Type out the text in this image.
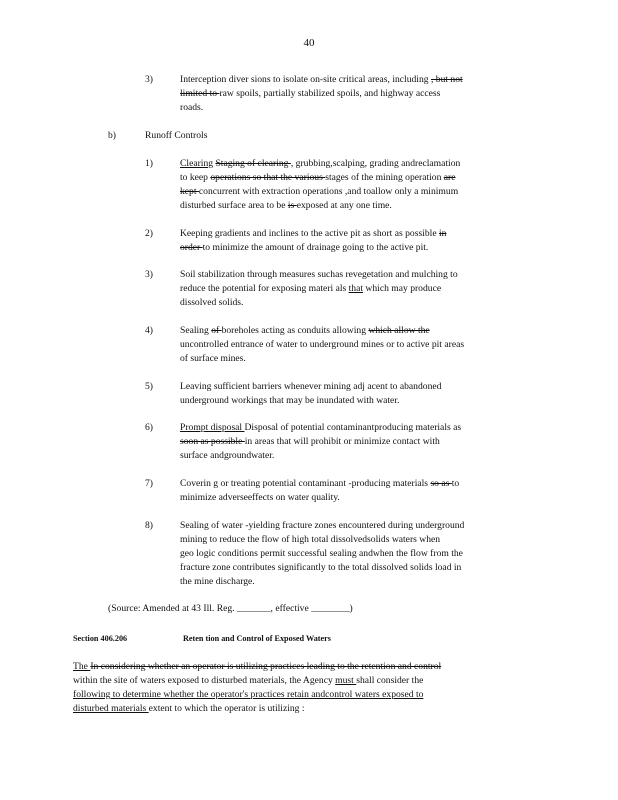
40
3)	Interception diver sions to isolate on-site critical areas, including , but not
limited to raw spoils, partially stabilized spoils, and highway access
roads.
b)	Runoff Controls
1)	Clearing Staging of clearing , grubbing,scalping, grading andreclamation
to keep operations so that the various stages of the mining operation are
kept concurrent with extraction operations ,and toallow only a minimum
disturbed surface area to be is exposed at any one time.
2)	Keeping gradients and inclines to the active pit as short as possible in
order to minimize the amount of drainage going to the active pit.
3)	Soil stabilization through measures suchas revegetation and mulching to
reduce the potential for exposing materi als that which may produce
dissolved solids.
4)	Sealing of boreholes acting as conduits allowing which allow the
uncontrolled entrance of water to underground mines or to active pit areas
of surface mines.
5)	Leaving sufficient barriers whenever mining adj acent to abandoned
underground workings that may be inundated with water.
6)	Prompt disposal Disposal of potential contaminantproducing materials as
soon as possible in areas that will prohibit or minimize contact with
surface andgroundwater.
7)	Coverin g or treating potential contaminant -producing materials so as to
minimize adverseeffects on water quality.
8)	Sealing of water -yielding fracture zones encountered during underground
mining to reduce the flow of high total dissolvedsolids waters when
geo logic conditions permit successful sealing andwhen the flow from the
fracture zone contributes significantly to the total dissolved solids load in
the mine discharge.
(Source: Amended at 43 Ill. Reg. _______, effective ________)
Section 406.206	Reten tion and Control of Exposed Waters
The In considering whether an operator is utilizing practices leading to the retention and control
within the site of waters exposed to disturbed materials, the Agency must shall consider the
following to determine whether the operator's practices retain andcontrol waters exposed to
disturbed materials extent to which the operator is utilizing :
